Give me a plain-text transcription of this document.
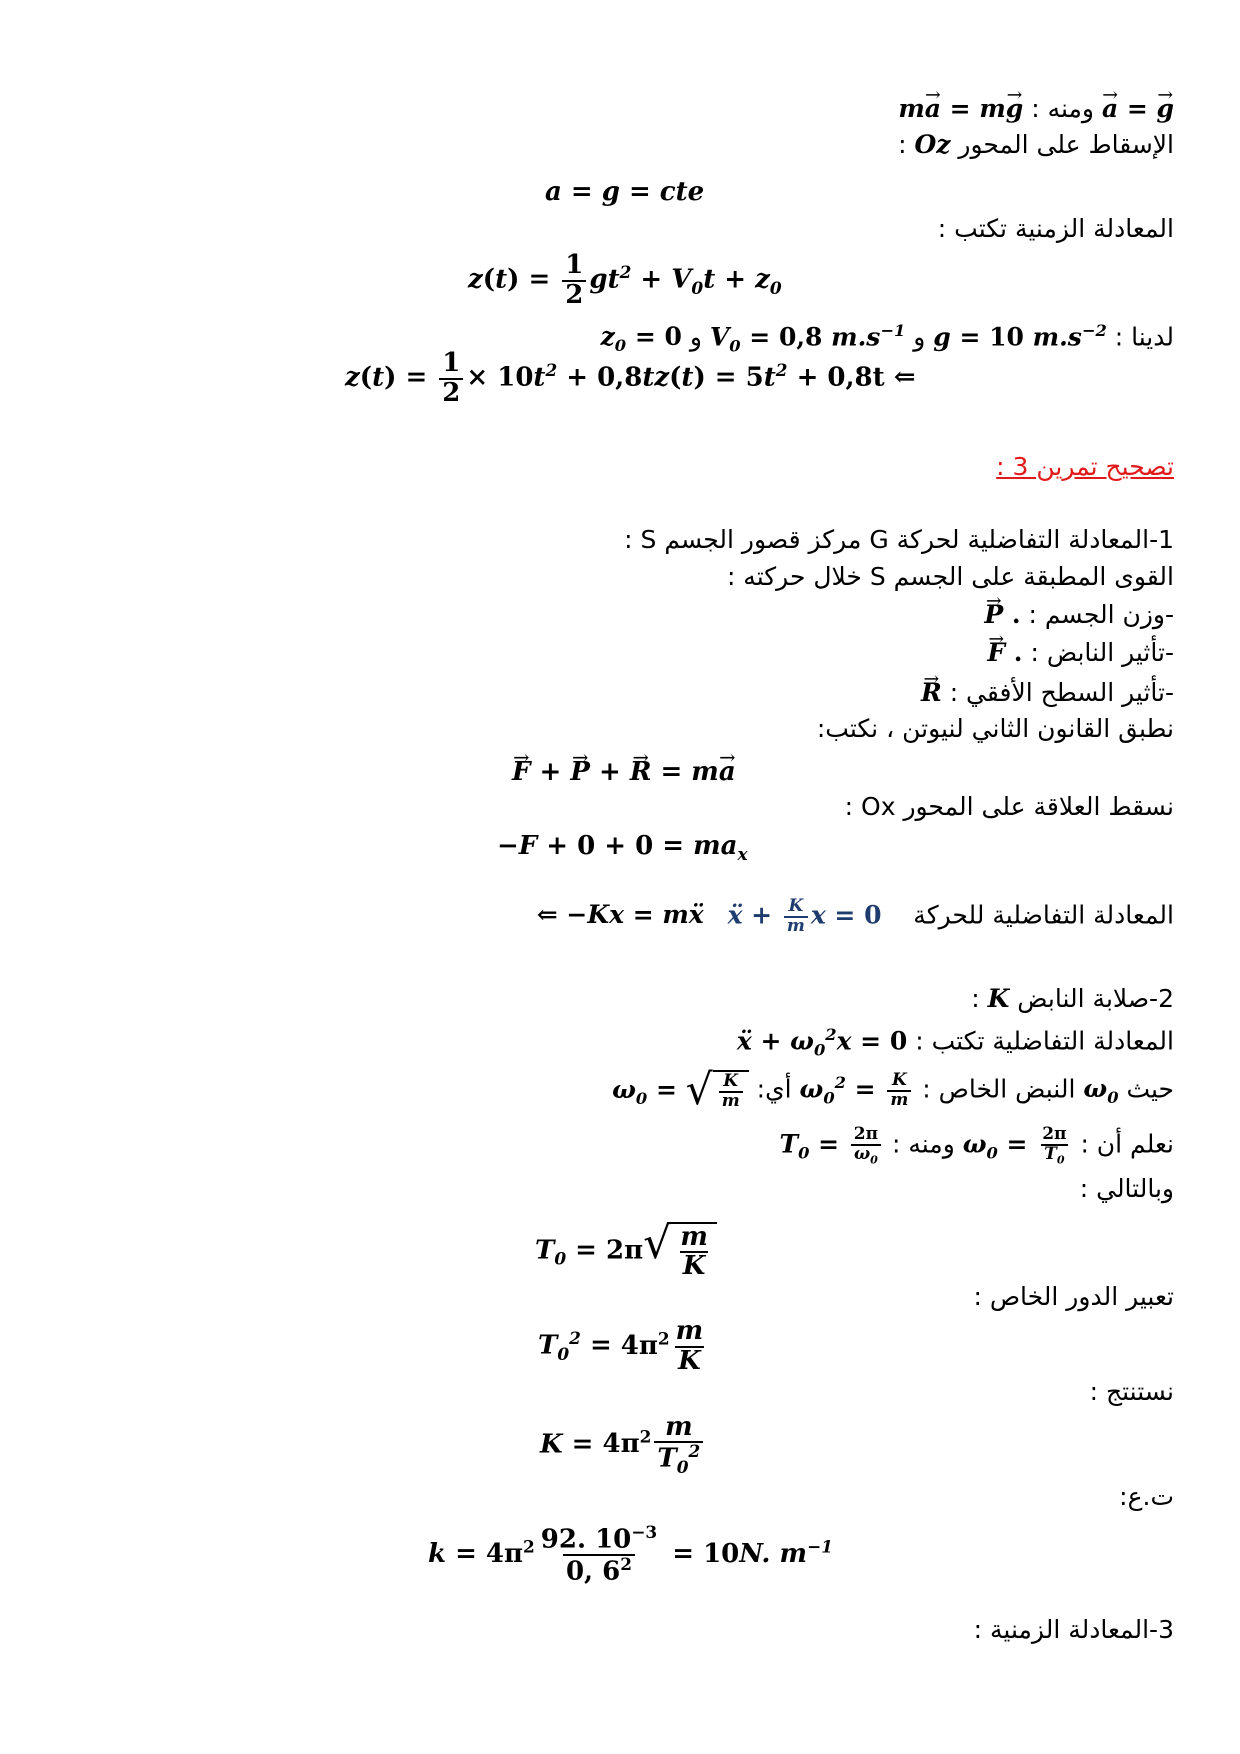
→ a = → g ومنه : m→ a = m→ g
الإسقاط على المحور Oz :
a = g = cte
المعادلة الزمنية تكتب :
$z(t) = \frac{1}{2} gt^2 + V_0t + z_0$
لدينا : g = 10 $m.s^{-2}$ و $V_0 = 0,8$ $m.s^{-1}$ و $z_0 = 0$
$z(t) = \frac{1}{2} \times 10t^2 + 0,8tz(t) = 5t^2 + 0,8t$ ⇐
تصحيح تمرين 3 :
1-المعادلة التفاضلية لحركة G مركز قصور الجسم S :
القوى المطبقة على الجسم S خلال حركته :
-وزن الجسم : → P .
-تأثير النابض : → F .
-تأثير السطح الأفقي : → R
نطبق القانون الثاني لنيوتن ، نكتب:
→ F + → P + → R = m→ a
نسقط العلاقة على المحور Ox :
$-F + 0 + 0 = ma_x$
المعادلة التفاضلية للحركة    ẍ + $\frac{K}{m}$ x = 0   ⇐ −Kx = mẍ
2-صلابة النابض K :
المعادلة التفاضلية تكتب : ẍ + $\omega_0^2x = 0$
حيث $\omega_0$ النبض الخاص : $\omega_0^2 = \frac{K}{m}$
أي: $\omega_0$ = √ $\frac{K}{m}$
نعلم أن : $\omega_0 = \frac{2\pi}{T_0}$
ومنه : $T_0 = \frac{2\pi}{\omega_0}$
وبالتالي :
$T_0 = 2\pi$ √ $\frac{m}{K}$
تعبير الدور الخاص :
$T_0^2 = 4\pi^2 \frac{m}{K}$
نستنتج :
$K = 4\pi^2 \frac{m}{T_0^2}$
ت.ع:
$k = 4\pi^2 \frac{92. 10^{-3}}{0, 6^2} = 10N$. $m^{-1}$
3-المعادلة الزمنية :
